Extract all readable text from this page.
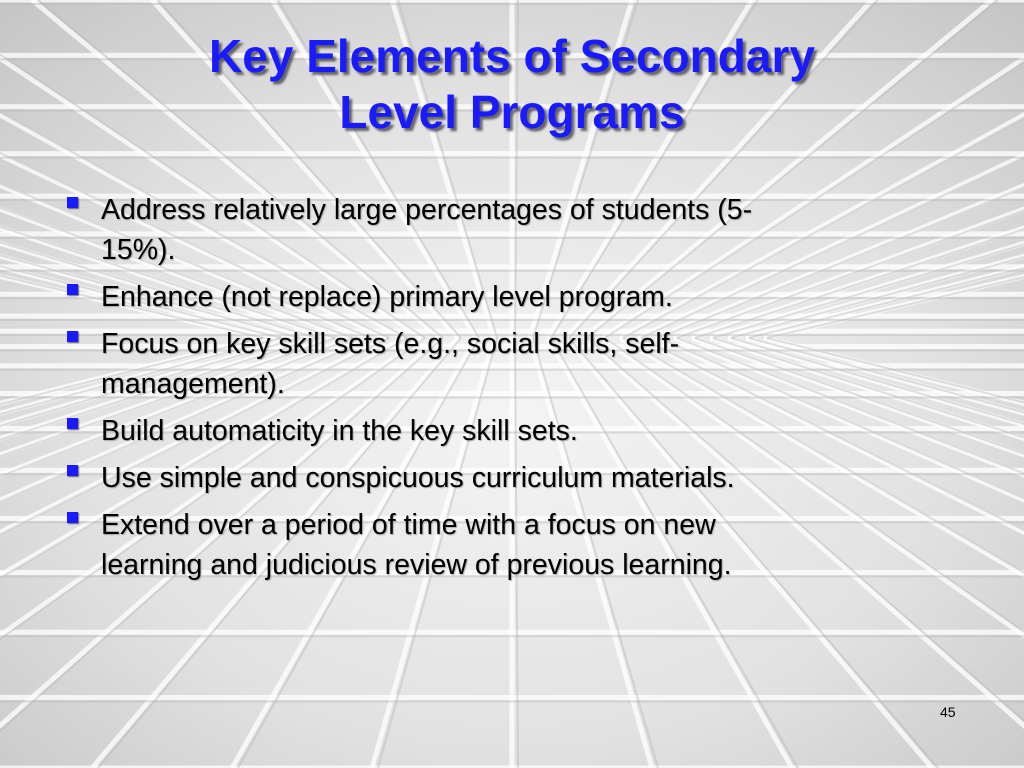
Key Elements of Secondary
Level Programs
Address relatively large percentages of students (5-
15%).
Enhance (not replace) primary level program.
Focus on key skill sets (e.g., social skills, self-
management).
Build automaticity in the key skill sets.
Use simple and conspicuous curriculum materials.
Extend over a period of time with a focus on new
learning and judicious review of previous learning.
45
